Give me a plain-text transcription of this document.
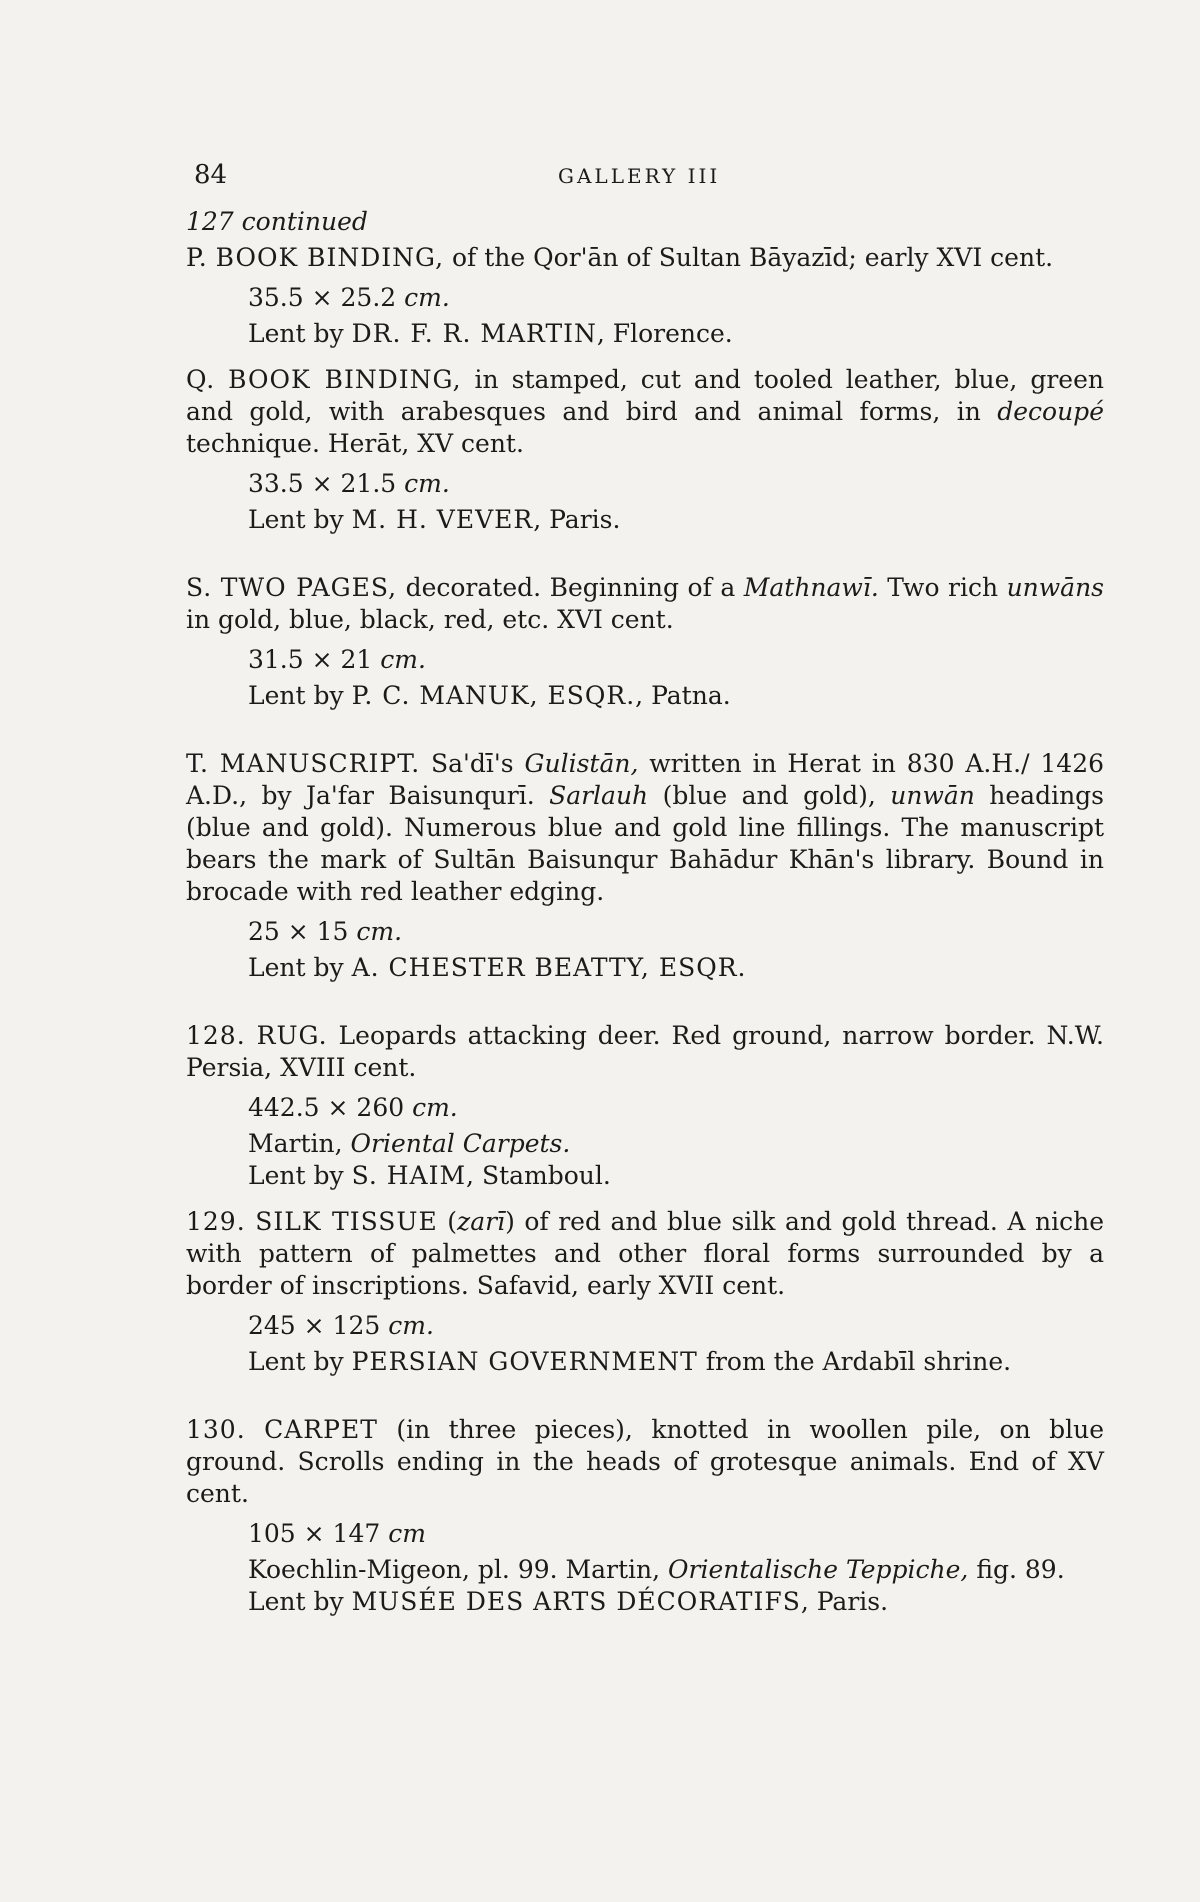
84	GALLERY III
127 continued
P. BOOK BINDING, of the Qor'ān of Sultan Bāyazīd; early XVI cent.
35.5 × 25.2 cm.
Lent by DR. F. R. MARTIN, Florence.
Q. BOOK BINDING, in stamped, cut and tooled leather, blue, green and gold, with arabesques and bird and animal forms, in decoupé technique. Herāt, XV cent.
33.5 × 21.5 cm.
Lent by M. H. VEVER, Paris.
S. TWO PAGES, decorated. Beginning of a Mathnawī. Two rich unwāns in gold, blue, black, red, etc. XVI cent.
31.5 × 21 cm.
Lent by P. C. MANUK, ESQR., Patna.
T. MANUSCRIPT. Sa'dī's Gulistān, written in Herat in 830 A.H./ 1426 A.D., by Ja'far Baisunqurī. Sarlauh (blue and gold), unwān headings (blue and gold). Numerous blue and gold line fillings. The manuscript bears the mark of Sultān Baisunqur Bahādur Khān's library. Bound in brocade with red leather edging.
25 × 15 cm.
Lent by A. CHESTER BEATTY, ESQR.
128. RUG. Leopards attacking deer. Red ground, narrow border. N.W. Persia, XVIII cent.
442.5 × 260 cm.
Martin, Oriental Carpets.
Lent by S. HAIM, Stamboul.
129. SILK TISSUE (zarī) of red and blue silk and gold thread. A niche with pattern of palmettes and other floral forms surrounded by a border of inscriptions. Safavid, early XVII cent.
245 × 125 cm.
Lent by PERSIAN GOVERNMENT from the Ardabīl shrine.
130. CARPET (in three pieces), knotted in woollen pile, on blue ground. Scrolls ending in the heads of grotesque animals. End of XV cent.
105 × 147 cm
Koechlin-Migeon, pl. 99. Martin, Orientalische Teppiche, fig. 89.
Lent by MUSÉE DES ARTS DÉCORATIFS, Paris.
